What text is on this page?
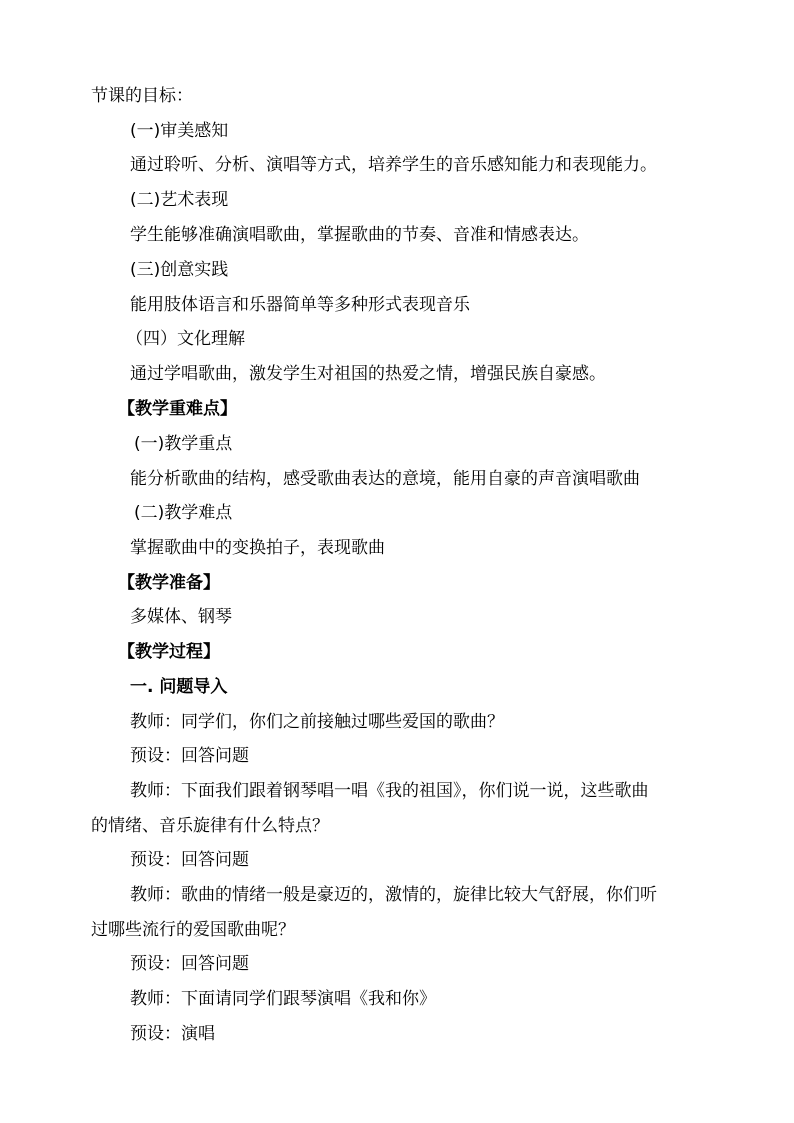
节课的目标：
(一)审美感知
通过聆听、分析、演唱等方式，培养学生的音乐感知能力和表现能力。
(二)艺术表现
学生能够准确演唱歌曲，掌握歌曲的节奏、音准和情感表达。
(三)创意实践
能用肢体语言和乐器简单等多种形式表现音乐
（四）文化理解
通过学唱歌曲，激发学生对祖国的热爱之情，增强民族自豪感。
【教学重难点】
(一)教学重点
能分析歌曲的结构，感受歌曲表达的意境，能用自豪的声音演唱歌曲
(二)教学难点
掌握歌曲中的变换拍子，表现歌曲
【教学准备】
多媒体、钢琴
【教学过程】
一. 问题导入
教师：同学们，你们之前接触过哪些爱国的歌曲？
预设：回答问题
教师：下面我们跟着钢琴唱一唱《我的祖国》，你们说一说，这些歌曲
的情绪、音乐旋律有什么特点？
预设：回答问题
教师：歌曲的情绪一般是豪迈的，激情的，旋律比较大气舒展，你们听
过哪些流行的爱国歌曲呢？
预设：回答问题
教师：下面请同学们跟琴演唱《我和你》
预设：演唱
